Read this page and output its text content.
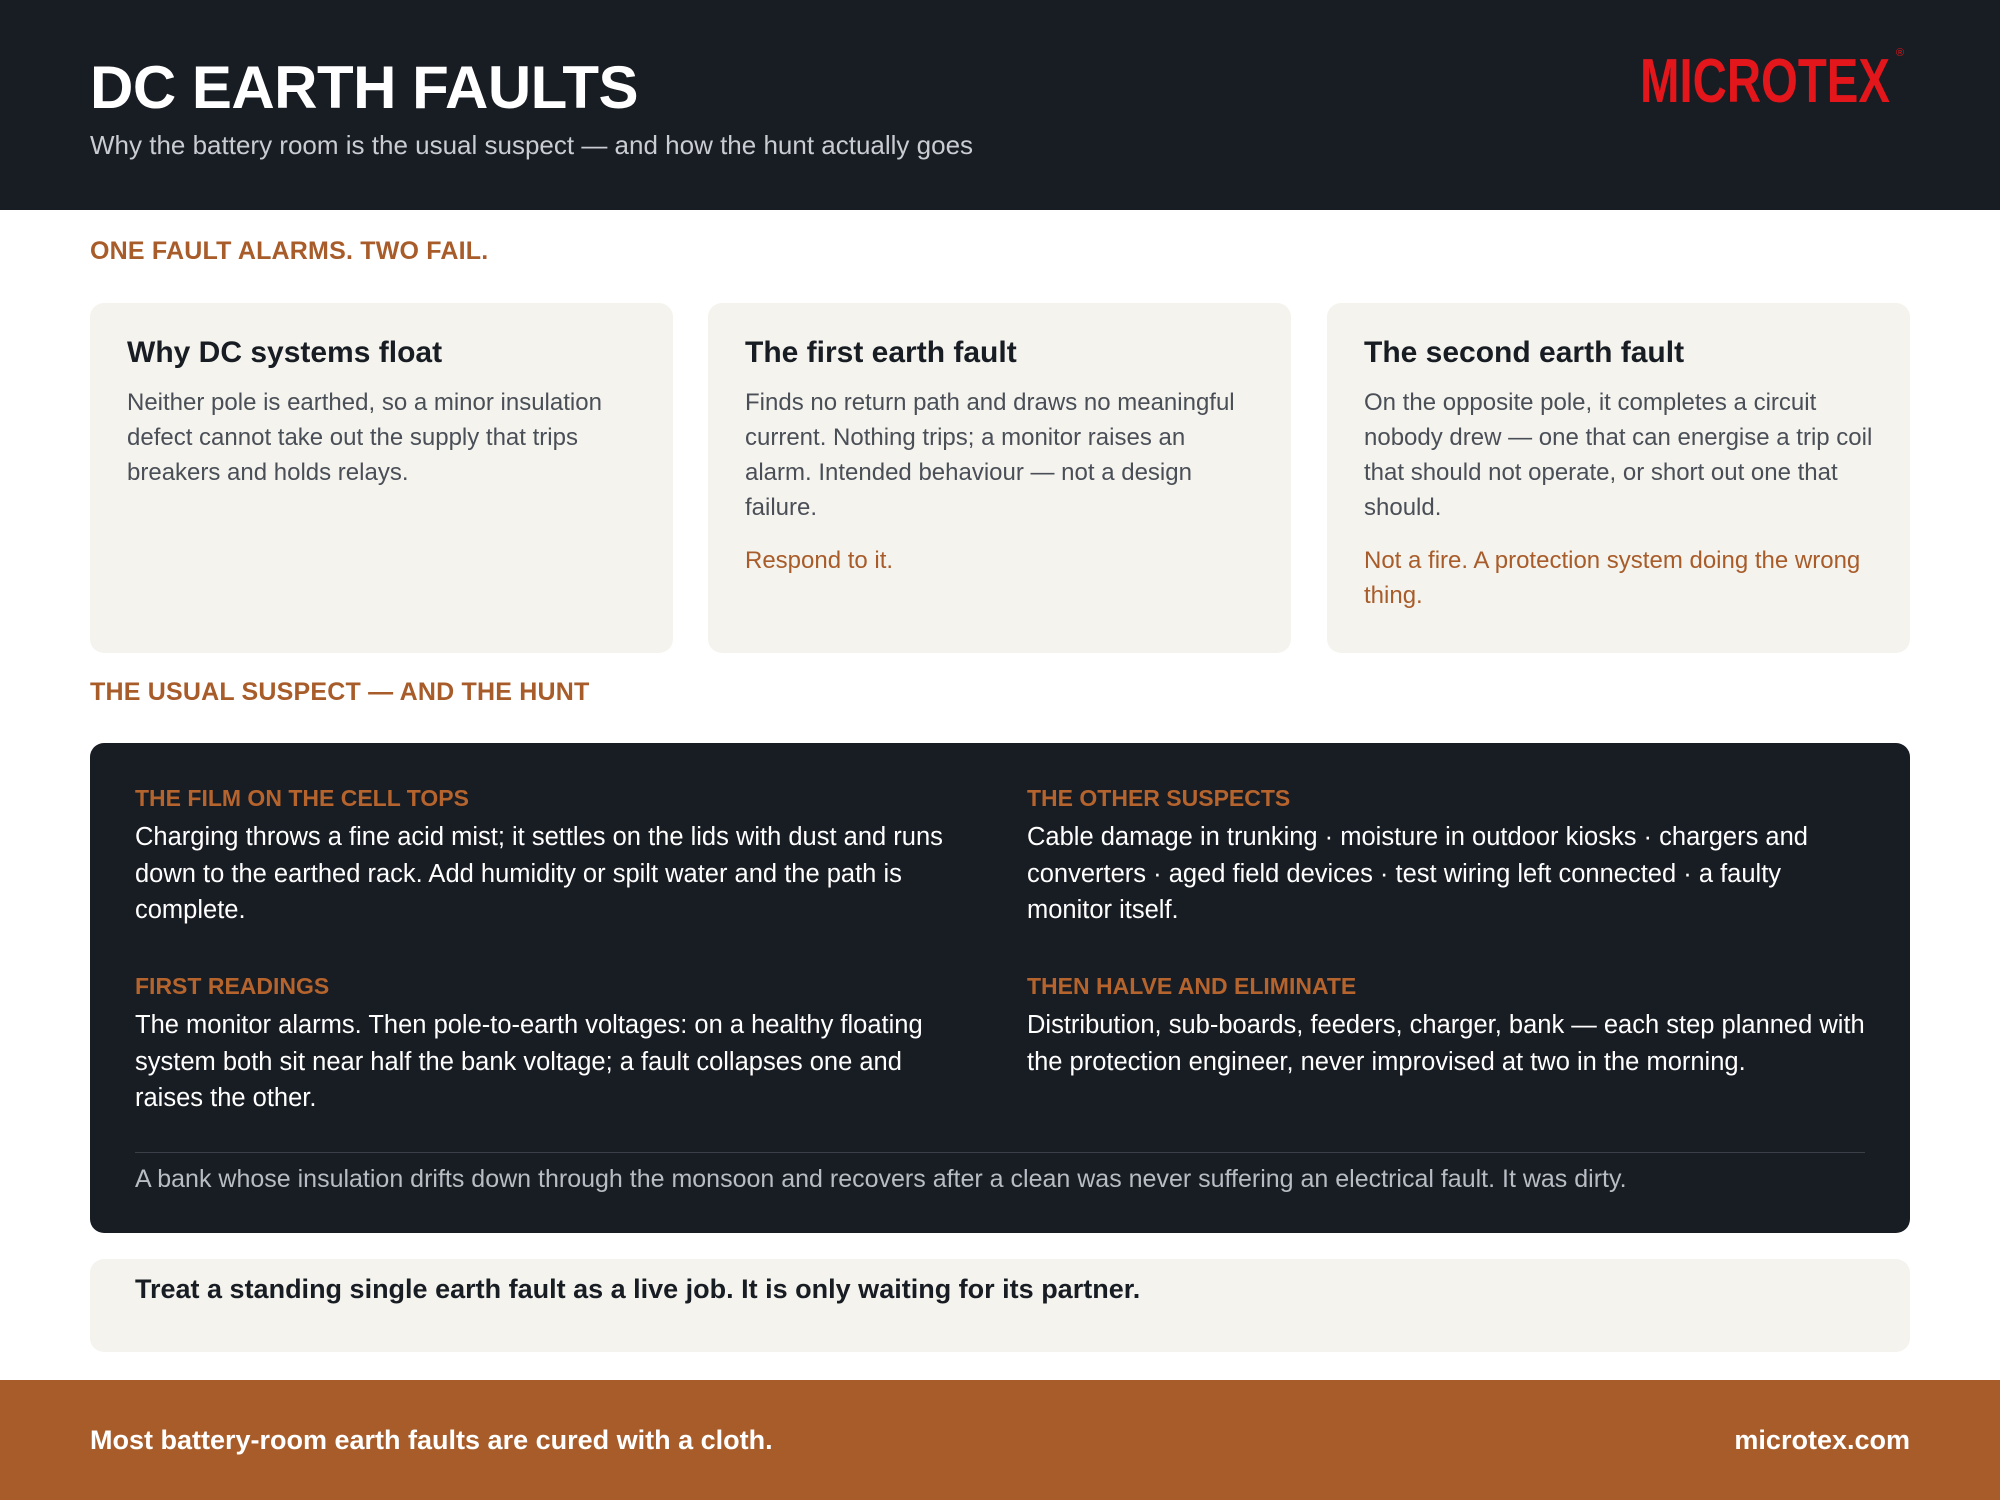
DC EARTH FAULTS
Why the battery room is the usual suspect — and how the hunt actually goes
MICROTEX ®
ONE FAULT ALARMS. TWO FAIL.
Why DC systems float
Neither pole is earthed, so a minor insulation defect cannot take out the supply that trips breakers and holds relays.
The first earth fault
Finds no return path and draws no meaningful current. Nothing trips; a monitor raises an alarm. Intended behaviour — not a design failure.
Respond to it.
The second earth fault
On the opposite pole, it completes a circuit nobody drew — one that can energise a trip coil that should not operate, or short out one that should.
Not a fire. A protection system doing the wrong thing.
THE USUAL SUSPECT — AND THE HUNT
THE FILM ON THE CELL TOPS
Charging throws a fine acid mist; it settles on the lids with dust and runs down to the earthed rack. Add humidity or spilt water and the path is complete.
THE OTHER SUSPECTS
Cable damage in trunking · moisture in outdoor kiosks · chargers and converters · aged field devices · test wiring left connected · a faulty monitor itself.
FIRST READINGS
The monitor alarms. Then pole-to-earth voltages: on a healthy floating system both sit near half the bank voltage; a fault collapses one and raises the other.
THEN HALVE AND ELIMINATE
Distribution, sub-boards, feeders, charger, bank — each step planned with the protection engineer, never improvised at two in the morning.
A bank whose insulation drifts down through the monsoon and recovers after a clean was never suffering an electrical fault. It was dirty.
Treat a standing single earth fault as a live job. It is only waiting for its partner.
Most battery-room earth faults are cured with a cloth.	microtex.com
